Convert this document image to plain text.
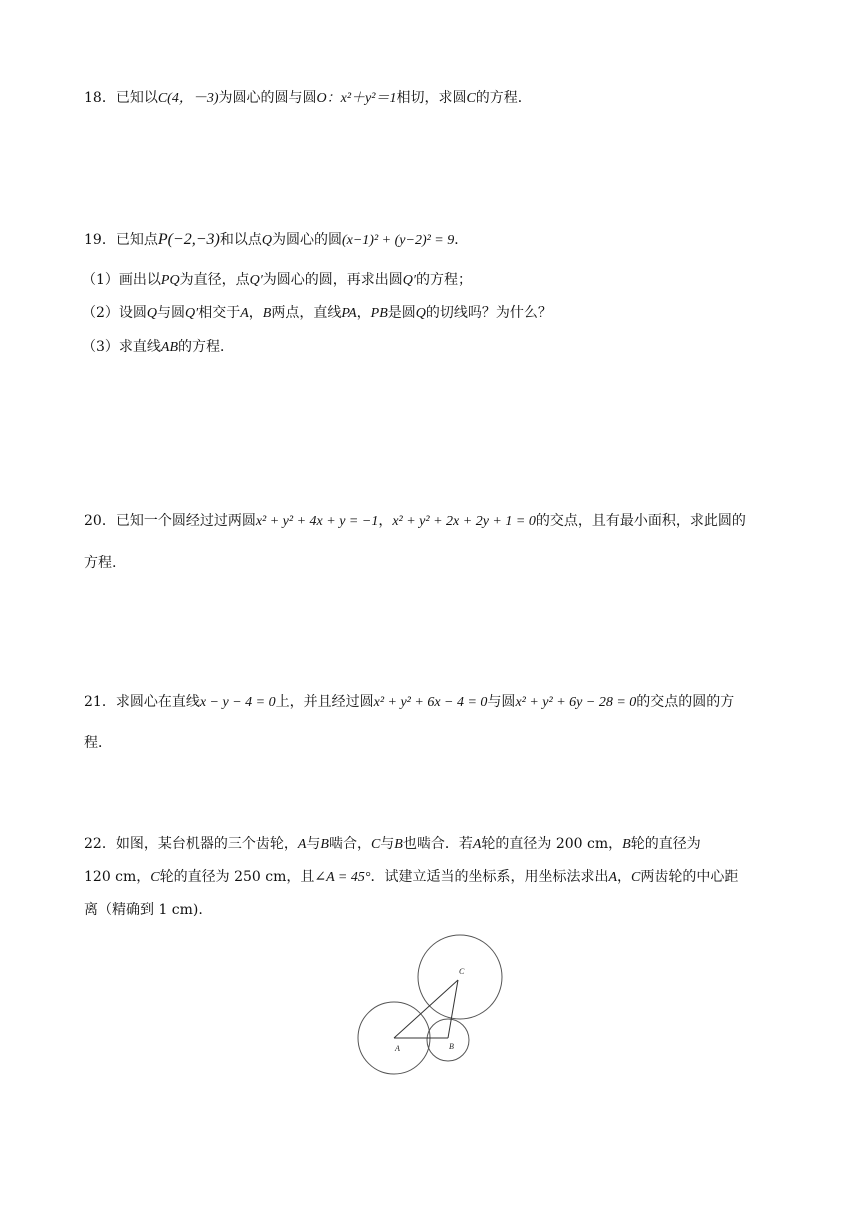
18．已知以C(4，－3)为圆心的圆与圆O：x²＋y²＝1相切，求圆C的方程．
19．已知点P(−2,−3)和以点Q为圆心的圆(x−1)² + (y−2)² = 9．
（1）画出以PQ为直径，点Q′为圆心的圆，再求出圆Q′的方程；
（2）设圆Q与圆Q′相交于A，B两点，直线PA，PB是圆Q的切线吗？为什么？
（3）求直线AB的方程．
20．已知一个圆经过过两圆x² + y² + 4x + y = −1，x² + y² + 2x + 2y + 1 = 0的交点，且有最小面积，求此圆的
方程.
21．求圆心在直线x − y − 4 = 0上，并且经过圆x² + y² + 6x − 4 = 0与圆x² + y² + 6y − 28 = 0的交点的圆的方
程．
22．如图，某台机器的三个齿轮，A与B啮合，C与B也啮合．若A轮的直径为 200 cm，B轮的直径为
120 cm，C轮的直径为 250 cm，且∠A = 45°．试建立适当的坐标系，用坐标法求出A，C两齿轮的中心距
离（精确到 1 cm).
A	B
C
